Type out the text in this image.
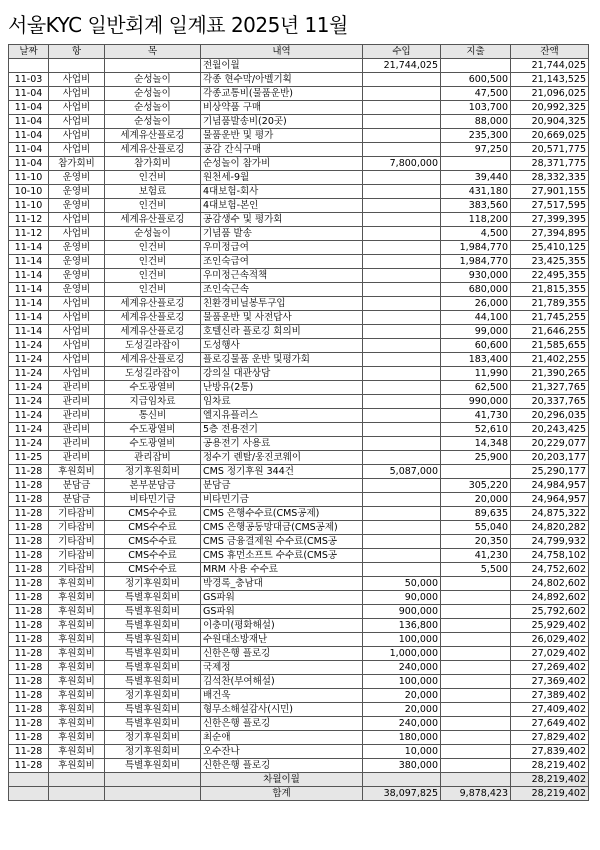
서울KYC 일반회계 일계표 2025년 11월
날짜	항	목	내역	수입	지출	잔액
			전월이월	21,744,025		21,744,025
11-03	사업비	순성놀이	각종 현수막/아벨기획		600,500	21,143,525
11-04	사업비	순성놀이	각종교통비(물품운반)		47,500	21,096,025
11-04	사업비	순성놀이	비상약품 구매		103,700	20,992,325
11-04	사업비	순성놀이	기념품발송비(20곳)		88,000	20,904,325
11-04	사업비	세계유산플로깅	물품운반 및 평가		235,300	20,669,025
11-04	사업비	세계유산플로깅	공감 간식구매		97,250	20,571,775
11-04	참가회비	참가회비	순성놀이 참가비	7,800,000		28,371,775
11-10	운영비	인건비	원천세-9월		39,440	28,332,335
10-10	운영비	보험료	4대보험-회사		431,180	27,901,155
11-10	운영비	인건비	4대보험-본인		383,560	27,517,595
11-12	사업비	세계유산플로깅	공감생수 및 평가회		118,200	27,399,395
11-12	사업비	순성놀이	기념품 발송		4,500	27,394,895
11-14	운영비	인건비	우미정급여		1,984,770	25,410,125
11-14	운영비	인건비	조인숙급여		1,984,770	23,425,355
11-14	운영비	인건비	우미정근속적책		930,000	22,495,355
11-14	운영비	인건비	조인숙근속		680,000	21,815,355
11-14	사업비	세계유산플로깅	친환경비닐봉투구입		26,000	21,789,355
11-14	사업비	세계유산플로깅	물품운반 및 사전답사		44,100	21,745,255
11-14	사업비	세계유산플로깅	호텔신라 플로깅 회의비		99,000	21,646,255
11-24	사업비	도성길라잡이	도성행사		60,600	21,585,655
11-24	사업비	세계유산플로깅	플로깅물품 운반 및평가회		183,400	21,402,255
11-24	사업비	도성길라잡이	강의실 대관상담		11,990	21,390,265
11-24	관리비	수도광열비	난방유(2통)		62,500	21,327,765
11-24	관리비	지급임차료	임차료		990,000	20,337,765
11-24	관리비	통신비	엘지유플러스		41,730	20,296,035
11-24	관리비	수도광열비	5층 전용전기		52,610	20,243,425
11-24	관리비	수도광열비	공용전기 사용료		14,348	20,229,077
11-25	관리비	관리잡비	정수기 렌탈/웅진코웨이		25,900	20,203,177
11-28	후원회비	정기후원회비	CMS 정기후원 344건	5,087,000		25,290,177
11-28	분담금	본부분담금	분담금		305,220	24,984,957
11-28	분담금	비타민기금	비타민기금		20,000	24,964,957
11-28	기타잡비	CMS수수료	CMS 은행수수료(CMS공제)		89,635	24,875,322
11-28	기타잡비	CMS수수료	CMS 은행공동망대금(CMS공제)		55,040	24,820,282
11-28	기타잡비	CMS수수료	CMS 금융결제원 수수료(CMS공		20,350	24,799,932
11-28	기타잡비	CMS수수료	CMS 휴먼소프트 수수료(CMS공		41,230	24,758,102
11-28	기타잡비	CMS수수료	MRM 사용 수수료		5,500	24,752,602
11-28	후원회비	정기후원회비	박경록_충남대	50,000		24,802,602
11-28	후원회비	특별후원회비	GS파워	90,000		24,892,602
11-28	후원회비	특별후원회비	GS파워	900,000		25,792,602
11-28	후원회비	특별후원회비	이충미(평화해설)	136,800		25,929,402
11-28	후원회비	특별후원회비	수원대소방재난	100,000		26,029,402
11-28	후원회비	특별후원회비	신한은행 플로깅	1,000,000		27,029,402
11-28	후원회비	특별후원회비	국제정	240,000		27,269,402
11-28	후원회비	특별후원회비	김석찬(부여해설)	100,000		27,369,402
11-28	후원회비	정기후원회비	배건욱	20,000		27,389,402
11-28	후원회비	특별후원회비	형무소해설감사(시민)	20,000		27,409,402
11-28	후원회비	특별후원회비	신한은행 플로깅	240,000		27,649,402
11-28	후원회비	정기후원회비	최순애	180,000		27,829,402
11-28	후원회비	정기후원회비	오수잔나	10,000		27,839,402
11-28	후원회비	특별후원회비	신한은행 플로깅	380,000		28,219,402
			차월이월			28,219,402
			합계	38,097,825	9,878,423	28,219,402
